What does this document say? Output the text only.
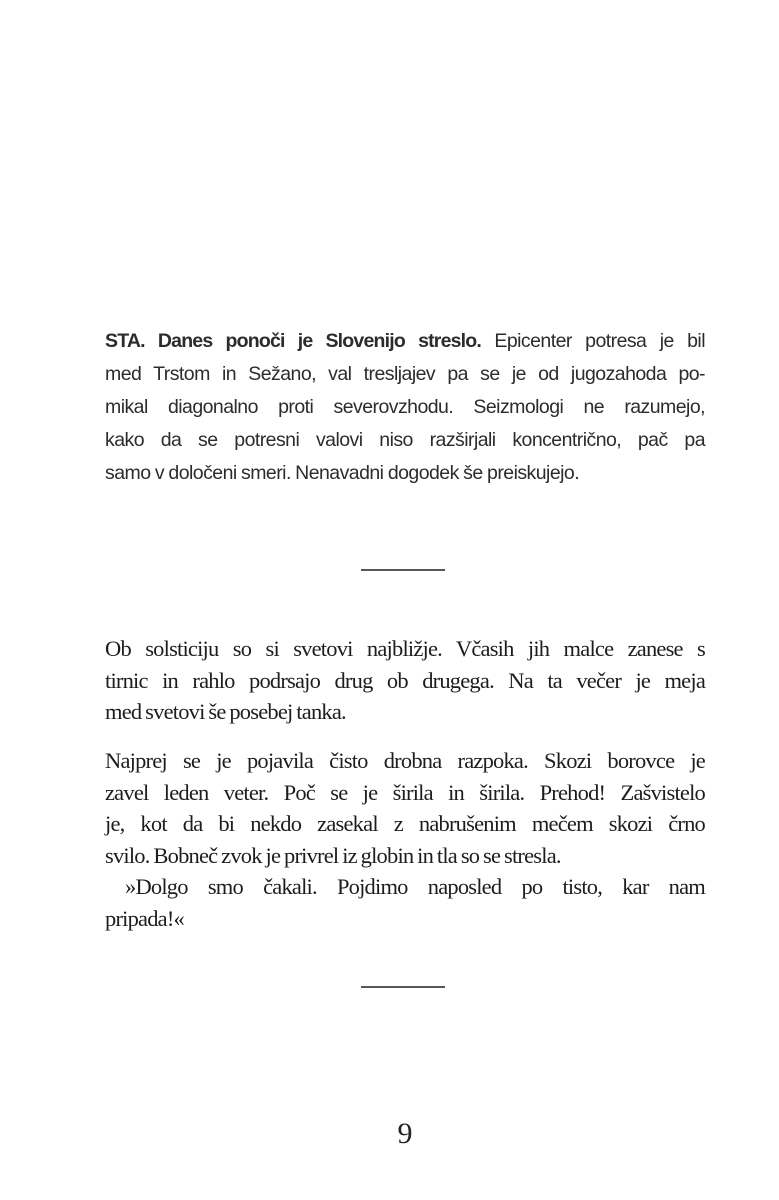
STA. Danes ponoči je Slovenijo streslo. Epicenter potresa je bil
med Trstom in Sežano, val tresljajev pa se je od jugozahoda po-
mikal diagonalno proti severovzhodu. Seizmologi ne razumejo,
kako da se potresni valovi niso razširjali koncentrično, pač pa
samo v določeni smeri. Nenavadni dogodek še preiskujejo.
Ob solsticiju so si svetovi najbližje. Včasih jih malce zanese s
tirnic in rahlo podrsajo drug ob drugega. Na ta večer je meja
med svetovi še posebej tanka.
Najprej se je pojavila čisto drobna razpoka. Skozi borovce je
zavel leden veter. Poč se je širila in širila. Prehod! Zašvistelo
je, kot da bi nekdo zasekal z nabrušenim mečem skozi črno
svilo. Bobneč zvok je privrel iz globin in tla so se stresla.
»Dolgo smo čakali. Pojdimo naposled po tisto, kar nam
pripada!«
9
